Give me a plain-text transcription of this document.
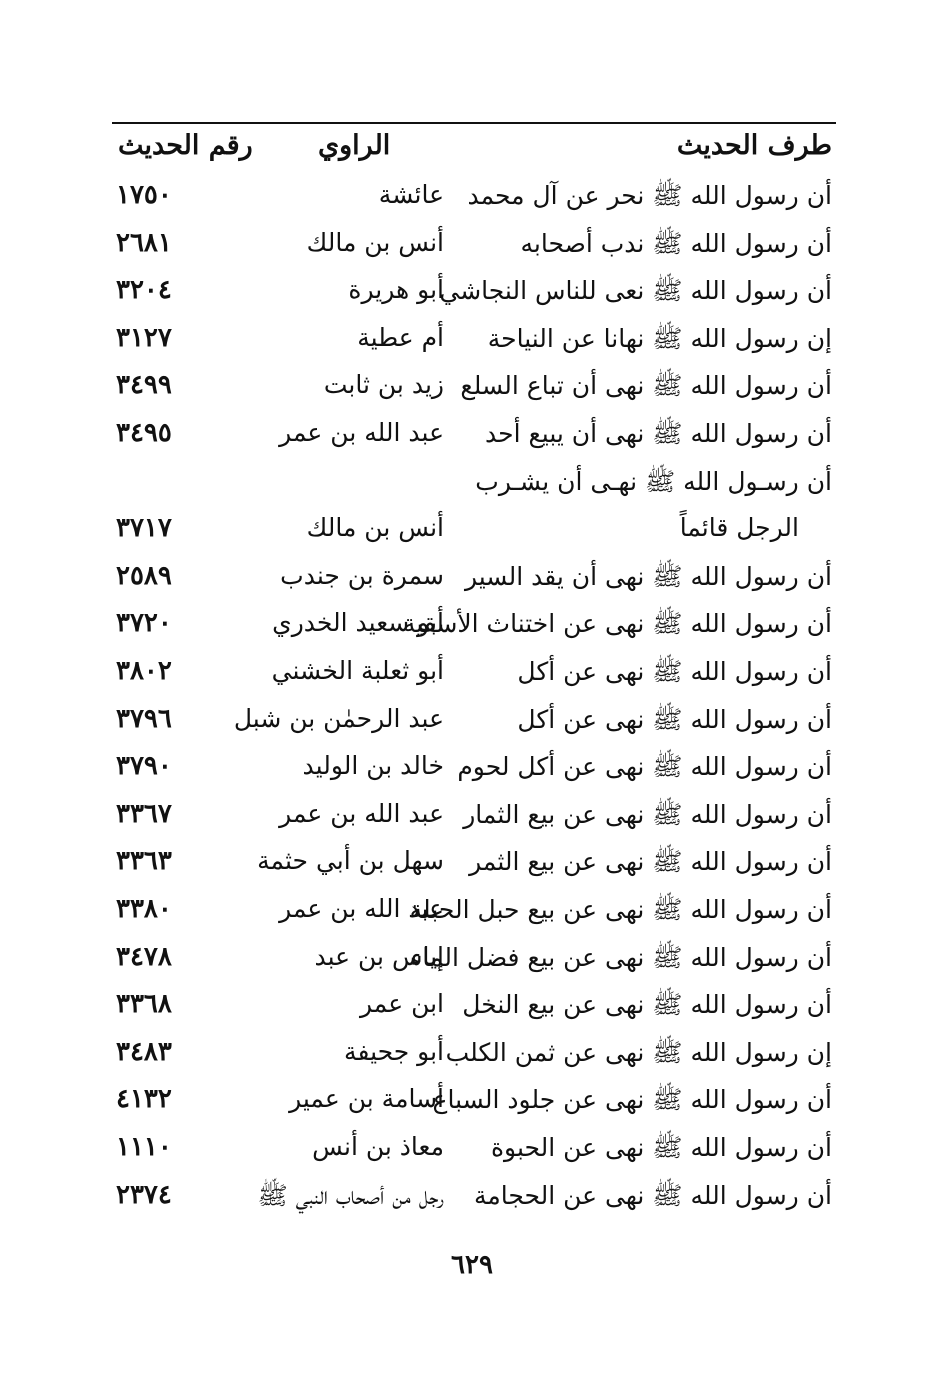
طرف الحديث
الراوي
رقم الحديث
أن رسول الله ﷺ نحر عن آل محمد
عائشة
١٧٥٠
أن رسول الله ﷺ ندب أصحابه
أنس بن مالك
٢٦٨١
أن رسول الله ﷺ نعى للناس النجاشي
أبو هريرة
٣٢٠٤
إن رسول الله ﷺ نهانا عن النياحة
أم عطية
٣١٢٧
أن رسول الله ﷺ نهى أن تباع السلع
زيد بن ثابت
٣٤٩٩
أن رسول الله ﷺ نهى أن يبيع أحد
عبد الله بن عمر
٣٤٩٥
أن رسـول الله ﷺ نهـى أن يشـرب
الرجل قائماً
أنس بن مالك
٣٧١٧
أن رسول الله ﷺ نهى أن يقد السير
سمرة بن جندب
٢٥٨٩
أن رسول الله ﷺ نهى عن اختناث الأسقية
أبو سعيد الخدري
٣٧٢٠
أن رسول الله ﷺ نهى عن أكل
أبو ثعلبة الخشني
٣٨٠٢
أن رسول الله ﷺ نهى عن أكل
عبد الرحمٰن بن شبل
٣٧٩٦
أن رسول الله ﷺ نهى عن أكل لحوم
خالد بن الوليد
٣٧٩٠
أن رسول الله ﷺ نهى عن بيع الثمار
عبد الله بن عمر
٣٣٦٧
أن رسول الله ﷺ نهى عن بيع الثمر
سهل بن أبي حثمة
٣٣٦٣
أن رسول الله ﷺ نهى عن بيع حبل الحبلة
عبد الله بن عمر
٣٣٨٠
أن رسول الله ﷺ نهى عن بيع فضل الماء
إياس بن عبد
٣٤٧٨
أن رسول الله ﷺ نهى عن بيع النخل
ابن عمر
٣٣٦٨
إن رسول الله ﷺ نهى عن ثمن الكلب
أبو جحيفة
٣٤٨٣
أن رسول الله ﷺ نهى عن جلود السباع
أسامة بن عمير
٤١٣٢
أن رسول الله ﷺ نهى عن الحبوة
معاذ بن أنس
١١١٠
أن رسول الله ﷺ نهى عن الحجامة
رجل من أصحاب النبي ﷺ
٢٣٧٤
٦٢٩
